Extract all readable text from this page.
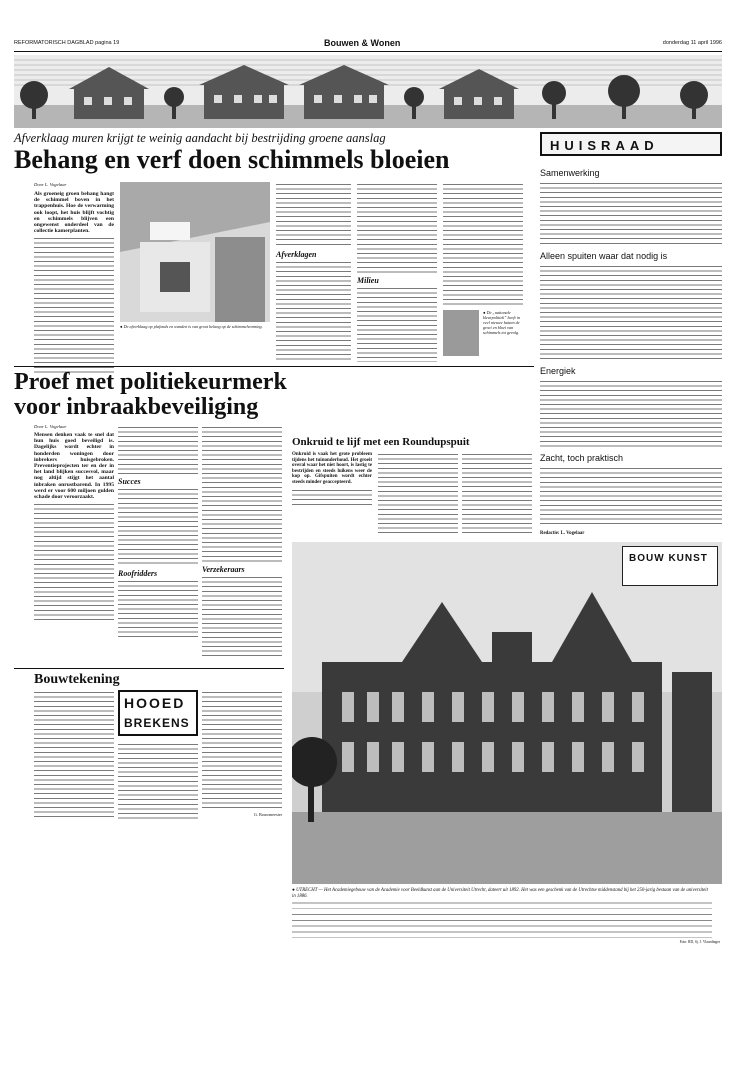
REFORMATORISCH DAGBLAD pagina 19	Bouwen & Wonen	donderdag 11 april 1996
Afverklaag muren krijgt te weinig aandacht bij bestrijding groene aanslag
Behang en verf doen schimmels bloeien
Door L. Vogelaar
Als groeneig groen behang hangt de schimmel boven in het trappenhuis. Hoe de verwarming ook loopt, het huis blijft vochtig en schimmels blijven een ongewenst onderdeel van de collectie kamerplanten.
● De afverklaag op plafonds en wanden is van groot belang op de schimmelvorming.
Afverklagen
Milieu
● De „nationale kleurpolitiek” heeft in veel nieuwe huizen de groei en bloei van schimmels tot gevolg.
Proef met politiekeurmerk
voor inbraakbeveiliging
Door L. Vogelaar
Mensen denken vaak te snel dat hun huis goed beveiligd is. Dagelijks wordt echter in honderden woningen door inbrekers huisgebroken. Preventieprojecten ter en der in het land blijken succesvol, maar nog altijd stijgt het aantal inbraken onrustbarend. In 1995 werd er voor 600 miljoen gulden schade door veroorzaakt.
Succes
Roofridders	Verzekeraars
Onkruid te lijf met een Roundupspuit
Onkruid is vaak het grote probleem tijdens het tuinonderhoud. Het groeit overal waar het niet hoort, is lastig te bestrijden en steeds luikens weer de kop op. Gifspuiten wordt echter steeds minder geaccepteerd.
HUISRAAD
Samenwerking
Alleen spuiten waar dat nodig is
Energiek
Zacht, toch praktisch
Redactie: L. Vogelaar
BOUW KUNST
● UTRECHT — Het Academiegebouw van de Academie voor Beeldkunst aan de Universiteit Utrecht, dateert uit 1892. Het was een geschenk van de Utrechtse middenstand bij het 250-jarig bestaan van de universiteit in 1886.
Foto: RD, Sj. J. Vlaardinger
Bouwtekening
HOOED
BREKENS
G. Bouwmeester
